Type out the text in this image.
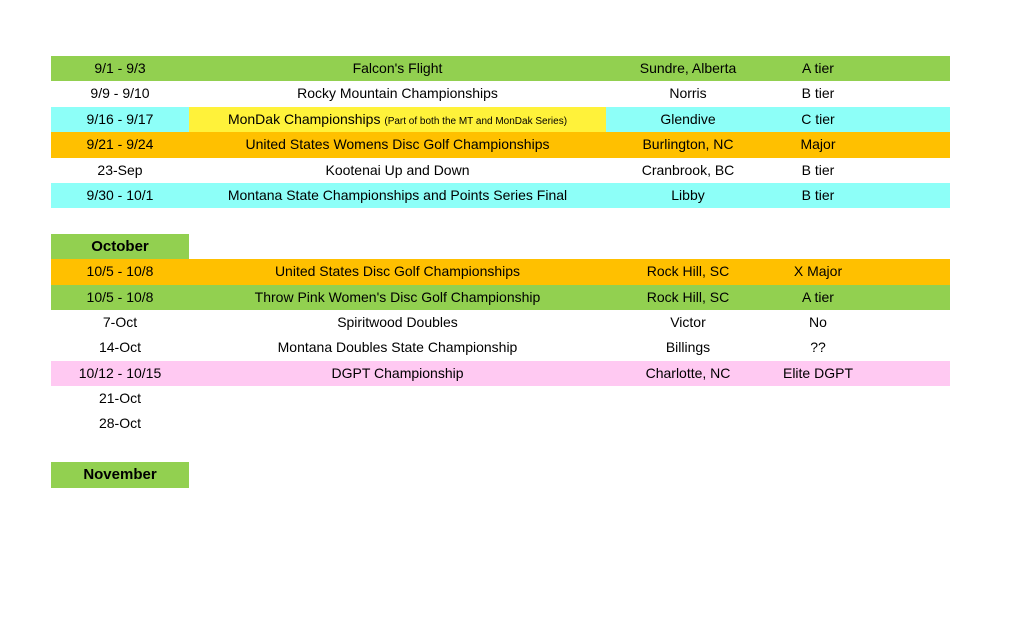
9/1 - 9/3	Falcon's Flight	Sundre, Alberta	A tier
9/9 - 9/10	Rocky Mountain Championships	Norris	B tier
9/16 - 9/17	MonDak Championships (Part of both the MT and MonDak Series)	Glendive	C tier
9/21 - 9/24	United States Womens Disc Golf Championships	Burlington, NC	Major
23-Sep	Kootenai Up and Down	Cranbrook, BC	B tier
9/30 - 10/1	Montana State Championships and Points Series Final	Libby	B tier
October
10/5 - 10/8	United States Disc Golf Championships	Rock Hill, SC	X Major
10/5 - 10/8	Throw Pink Women's Disc Golf Championship	Rock Hill, SC	A tier
7-Oct	Spiritwood Doubles	Victor	No
14-Oct	Montana Doubles State Championship	Billings	??
10/12 - 10/15	DGPT Championship	Charlotte, NC	Elite DGPT
21-Oct
28-Oct
November
